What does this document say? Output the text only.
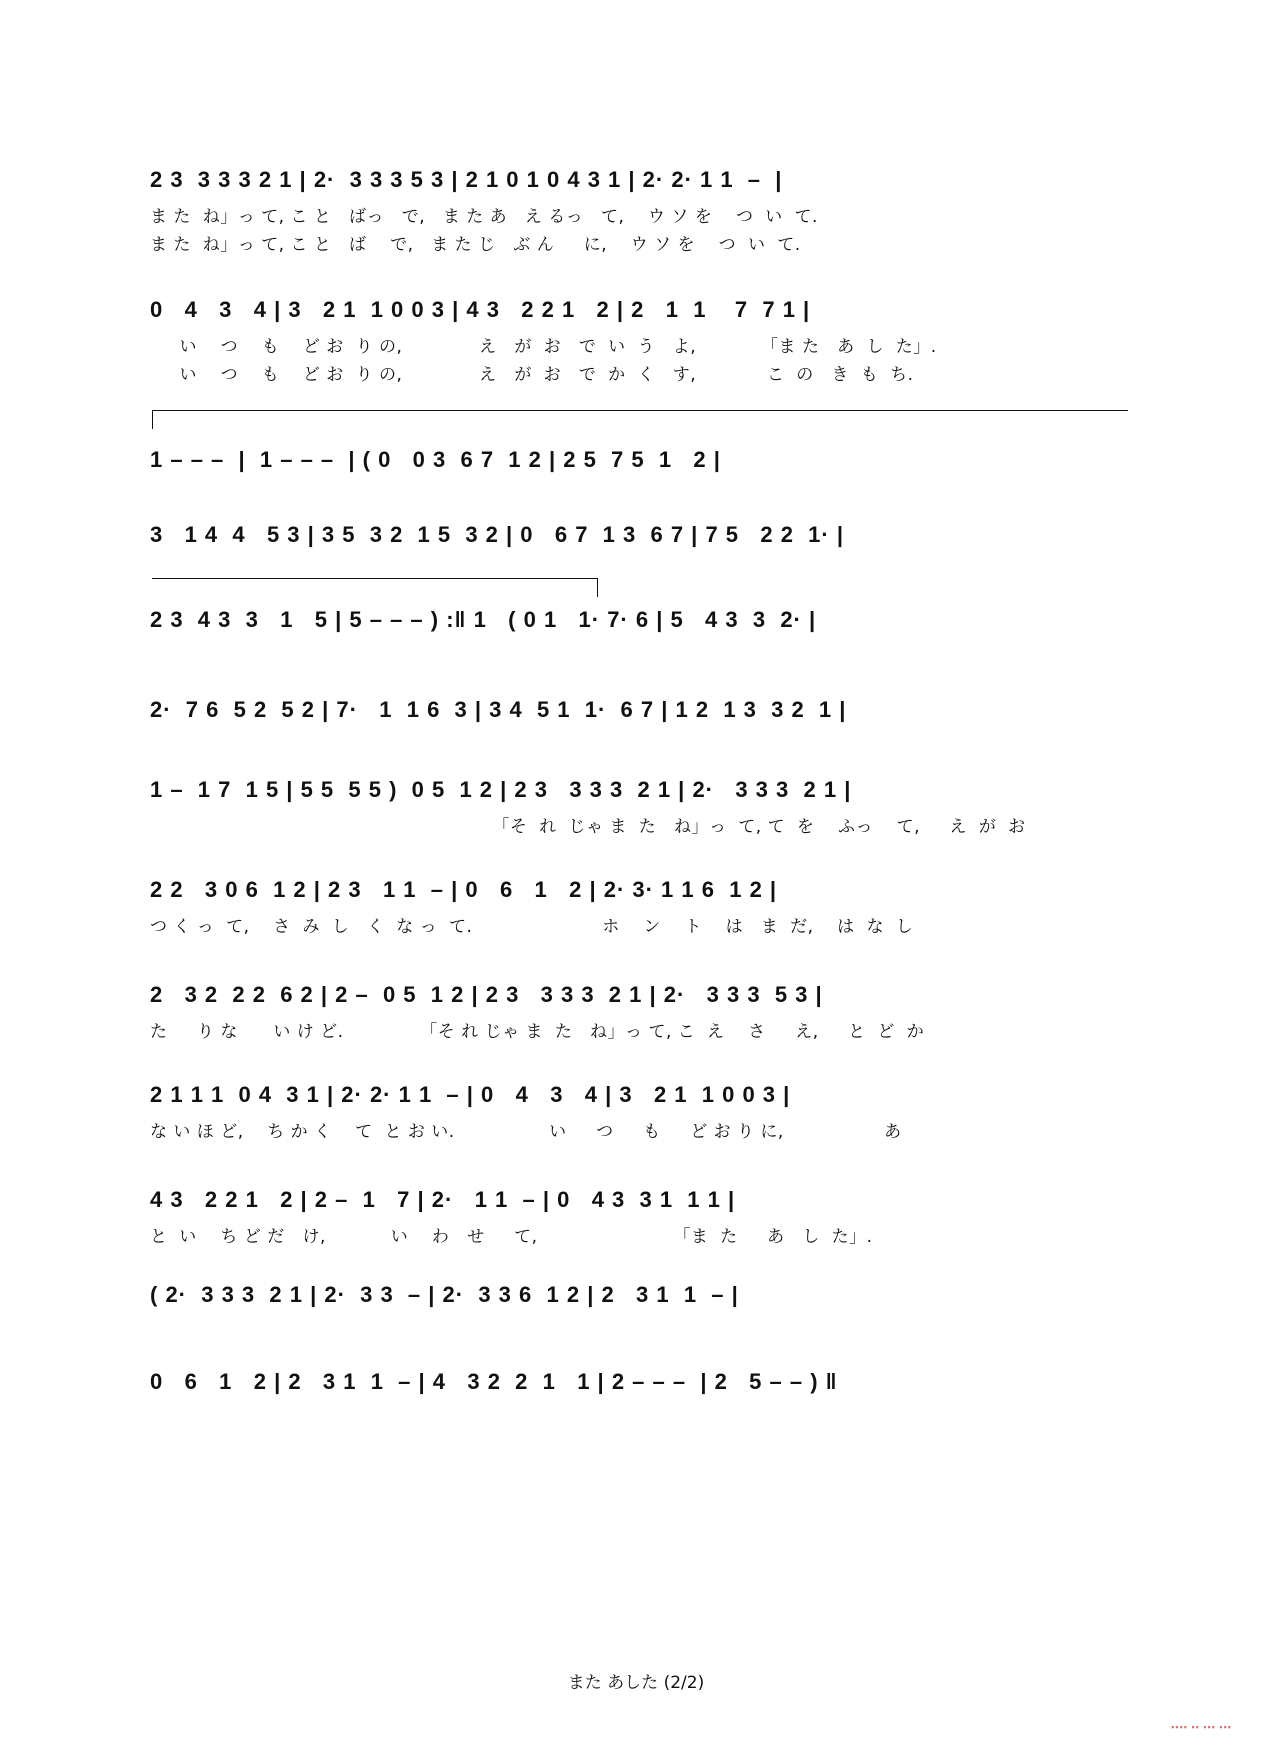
2 3  3 3 3 2 1 | 2·  3 3 3 5 3 | 2 1 0 1 0 4 3 1 | 2· 2· 1 1  –  |
ま た  ね」っ て, こ と   ばっ   で,   ま た あ   え るっ   て,    ウ ソ を    つ  い  て.
ま た  ね」っ て, こ と   ば    で,   ま た じ   ぶ ん     に,    ウ ソ を    つ  い  て.
0   4   3   4 | 3   2 1  1 0 0 3 | 4 3   2 2 1   2 | 2   1  1    7  7 1 |
い    つ    も    ど お  り の,             え   が  お   で  い  う   よ,           「ま た   あ  し  た」.
い    つ    も    ど お  り の,             え   が  お   で  か  く   す,            こ  の   き  も  ち.
1 – – –  |  1 – – –  | ( 0   0 3  6 7  1 2 | 2 5  7 5  1   2 |
3   1 4  4   5 3 | 3 5  3 2  1 5  3 2 | 0   6 7  1 3  6 7 | 7 5   2 2  1· |
2 3  4 3  3   1   5 | 5 – – – ) :‖ 1   ( 0 1   1· 7· 6 | 5   4 3  3  2· |
2·  7 6  5 2  5 2 | 7·   1  1 6  3 | 3 4  5 1  1·  6 7 | 1 2  1 3  3 2  1 |
1 –  1 7  1 5 | 5 5  5 5 )  0 5  1 2 | 2 3   3 3 3  2 1 | 2·   3 3 3  2 1 |
「そ  れ  じゃ ま  た   ね」っ  て, て  を    ふっ    て,     え  が  お
2 2   3 0 6  1 2 | 2 3   1 1  – | 0   6   1   2 | 2· 3· 1 1 6  1 2 |
つ く っ  て,    さ  み  し   く  な っ  て.                      ホ    ン    ト    は   ま  だ,    は  な  し
2   3 2  2 2  6 2 | 2 –  0 5  1 2 | 2 3   3 3 3  2 1 | 2·   3 3 3  5 3 |
た     り な      い け ど.             「そ れ じゃ ま  た   ね」っ て, こ  え    さ     え,     と  ど  か
2 1 1 1  0 4  3 1 | 2· 2· 1 1  – | 0   4   3   4 | 3   2 1  1 0 0 3 |
な い ほ ど,    ち か く    て  と お い.                い     つ     も     ど お り に,                 あ
4 3   2 2 1   2 | 2 –  1   7 | 2·   1 1  – | 0   4 3  3 1  1 1 |
と  い    ち ど だ   け,           い    わ   せ     て,                       「ま  た     あ   し  た」.
( 2·  3 3 3  2 1 | 2·  3 3  – | 2·  3 3 6  1 2 | 2   3 1  1  – |
0   6   1   2 | 2   3 1  1  – | 4   3 2  2  1   1 | 2 – – –  | 2   5 – – ) ‖
また あした (2/2)
▪▪▪▪ ▪▪ ▪▪▪ ▪▪▪
